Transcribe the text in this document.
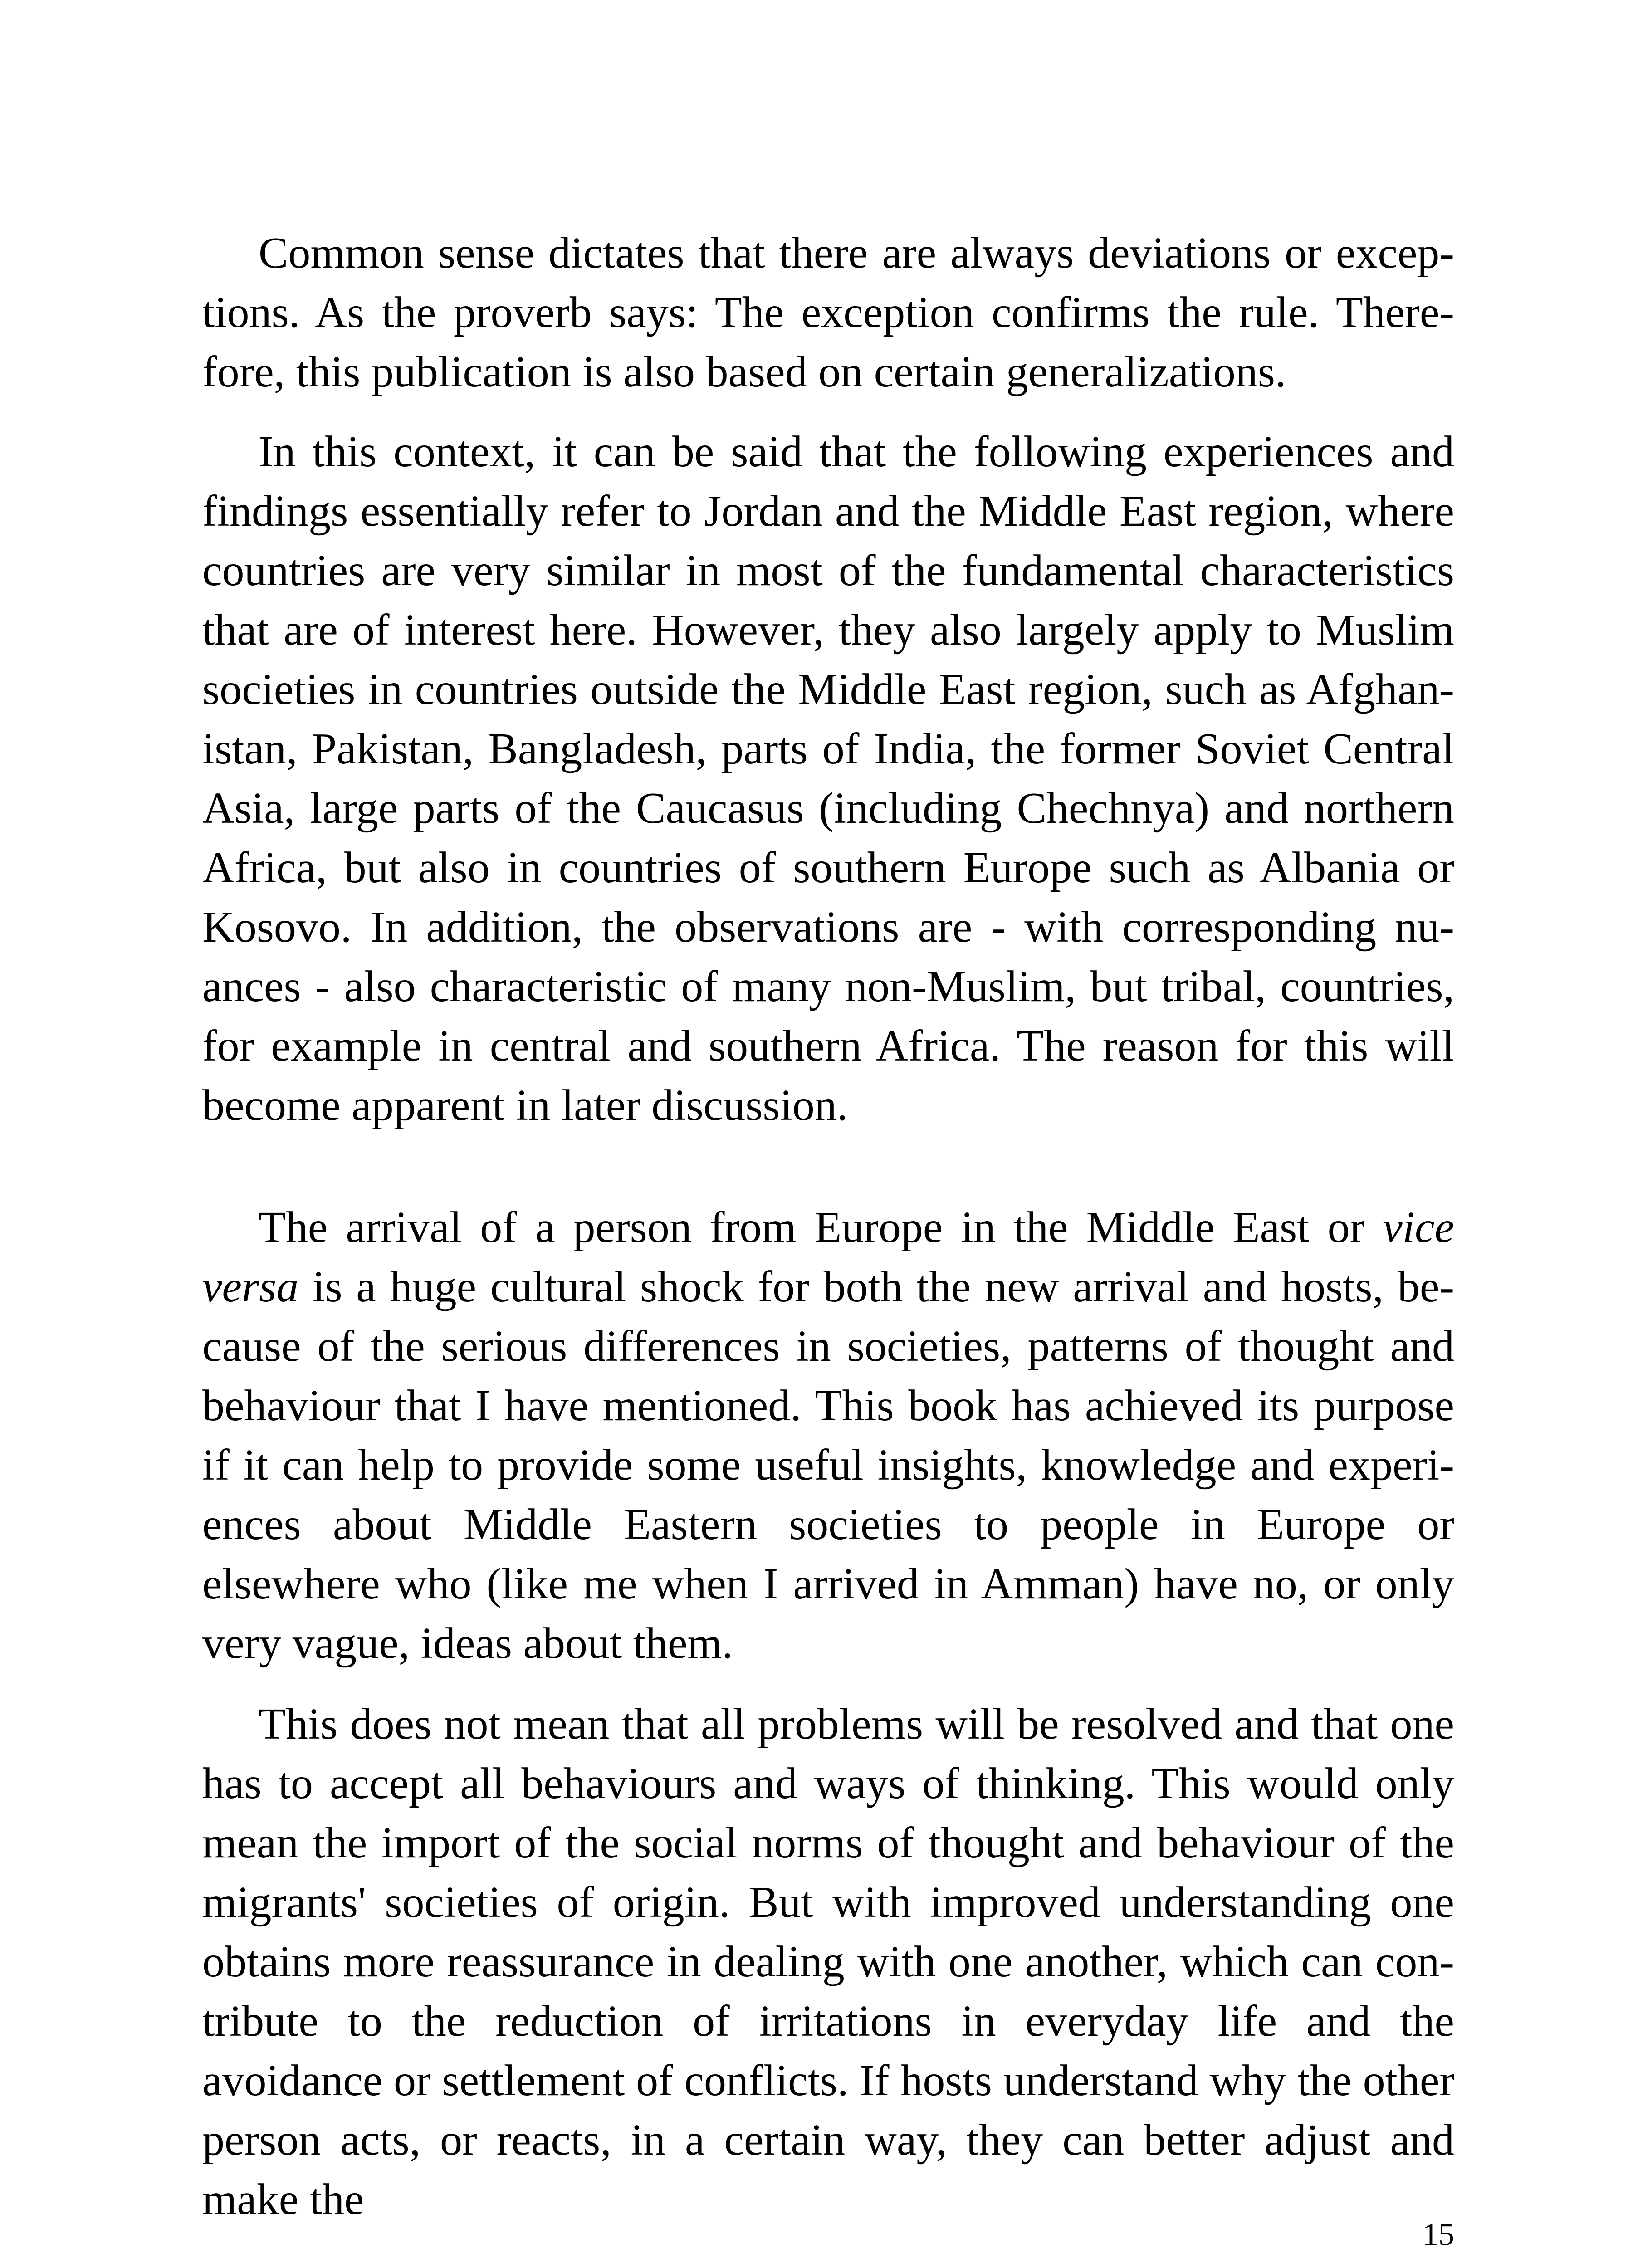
Common sense dictates that there are always deviations or exceptions. As the proverb says: The exception confirms the rule. Therefore, this publication is also based on certain generalizations.

In this context, it can be said that the following experiences and findings essentially refer to Jordan and the Middle East region, where countries are very similar in most of the fundamental characteristics that are of interest here. However, they also largely apply to Muslim societies in countries outside the Middle East region, such as Afghanistan, Pakistan, Bangladesh, parts of India, the former Soviet Central Asia, large parts of the Caucasus (including Chechnya) and northern Africa, but also in countries of southern Europe such as Albania or Kosovo. In addition, the observations are - with corresponding nuances - also characteristic of many non-Muslim, but tribal, countries, for example in central and southern Africa. The reason for this will become apparent in later discussion.

The arrival of a person from Europe in the Middle East or vice versa is a huge cultural shock for both the new arrival and hosts, because of the serious differences in societies, patterns of thought and behaviour that I have mentioned. This book has achieved its purpose if it can help to provide some useful insights, knowledge and experiences about Middle Eastern societies to people in Europe or elsewhere who (like me when I arrived in Amman) have no, or only very vague, ideas about them.

This does not mean that all problems will be resolved and that one has to accept all behaviours and ways of thinking. This would only mean the import of the social norms of thought and behaviour of the migrants' societies of origin. But with improved understanding one obtains more reassurance in dealing with one another, which can contribute to the reduction of irritations in everyday life and the avoidance or settlement of conflicts. If hosts understand why the other person acts, or reacts, in a certain way, they can better adjust and make the

15
